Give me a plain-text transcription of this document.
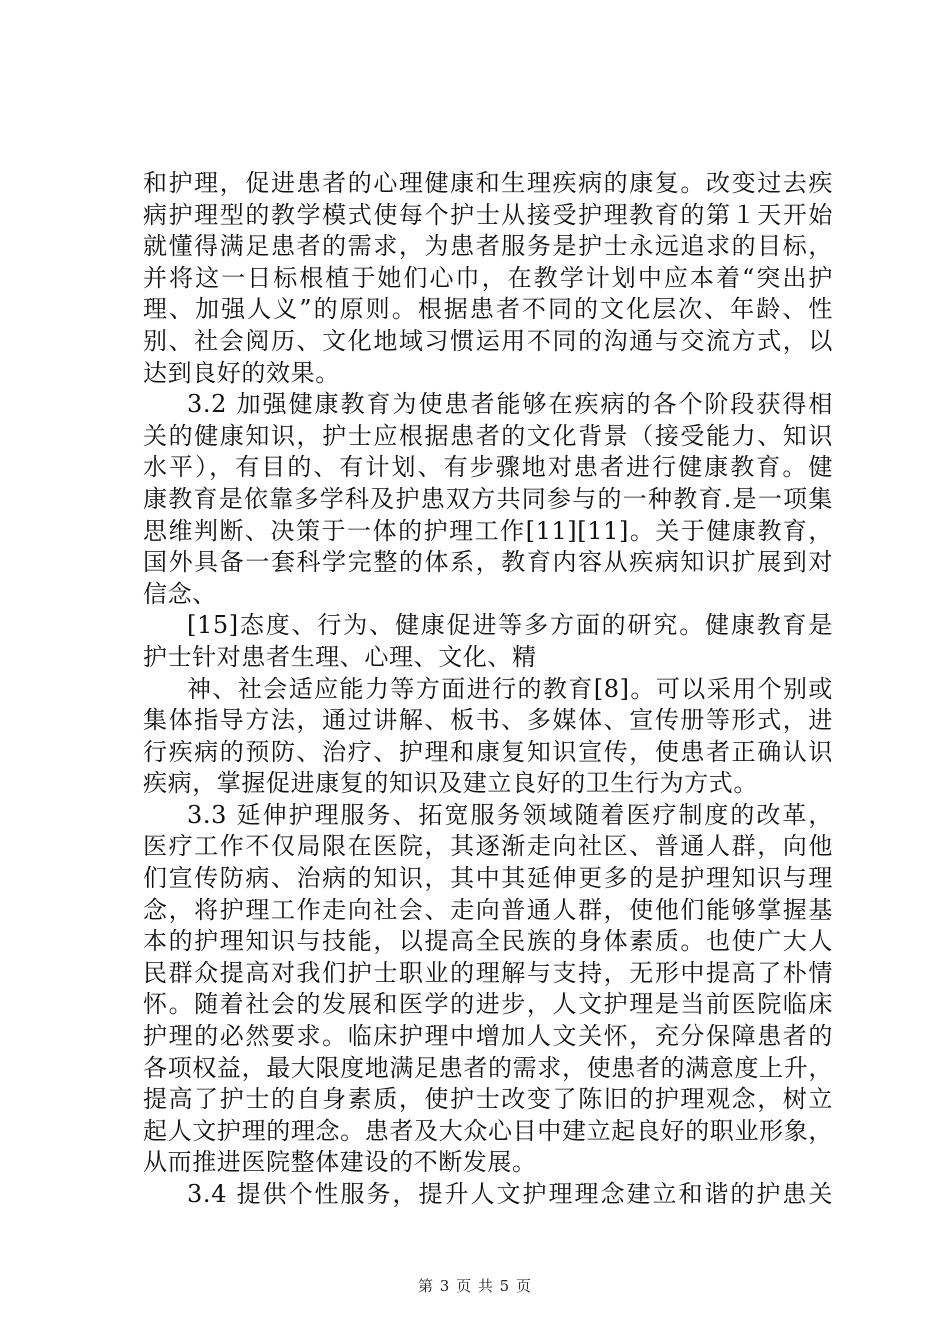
和护理，促进患者的心理健康和生理疾病的康复。改变过去疾
病护理型的教学模式使每个护士从接受护理教育的第１天开始
就懂得满足患者的需求，为患者服务是护士永远追求的目标，
并将这一日标根植于她们心巾，在教学计划中应本着“突出护
理、加强人义”的原则。根据患者不同的文化层次、年龄、性
别、社会阅历、文化地域习惯运用不同的沟通与交流方式，以
达到良好的效果。
3.2 加强健康教育为使患者能够在疾病的各个阶段获得相
关的健康知识，护士应根据患者的文化背景（接受能力、知识
水平），有目的、有计划、有步骤地对患者进行健康教育。健
康教育是依靠多学科及护患双方共同参与的一种教育.是一项集
思维判断、决策于一体的护理工作[11][11]。关于健康教育，
国外具备一套科学完整的体系，教育内容从疾病知识扩展到对
信念、
[15]态度、行为、健康促进等多方面的研究。健康教育是
护士针对患者生理、心理、文化、精
神、社会适应能力等方面进行的教育[8]。可以采用个别或
集体指导方法，通过讲解、板书、多媒体、宣传册等形式，进
行疾病的预防、治疗、护理和康复知识宣传，使患者正确认识
疾病，掌握促进康复的知识及建立良好的卫生行为方式。
3.3 延伸护理服务、拓宽服务领域随着医疗制度的改革，
医疗工作不仅局限在医院，其逐渐走向社区、普通人群，向他
们宣传防病、治病的知识，其中其延伸更多的是护理知识与理
念，将护理工作走向社会、走向普通人群，使他们能够掌握基
本的护理知识与技能，以提高全民族的身体素质。也使广大人
民群众提高对我们护士职业的理解与支持，无形中提高了朴情
怀。随着社会的发展和医学的进步，人文护理是当前医院临床
护理的必然要求。临床护理中增加人文关怀，充分保障患者的
各项权益，最大限度地满足患者的需求，使患者的满意度上升，
提高了护士的自身素质，使护士改变了陈旧的护理观念，树立
起人文护理的理念。患者及大众心目中建立起良好的职业形象，
从而推进医院整体建设的不断发展。
3.4 提供个性服务，提升人文护理理念建立和谐的护患关
第 3 页 共 5 页
